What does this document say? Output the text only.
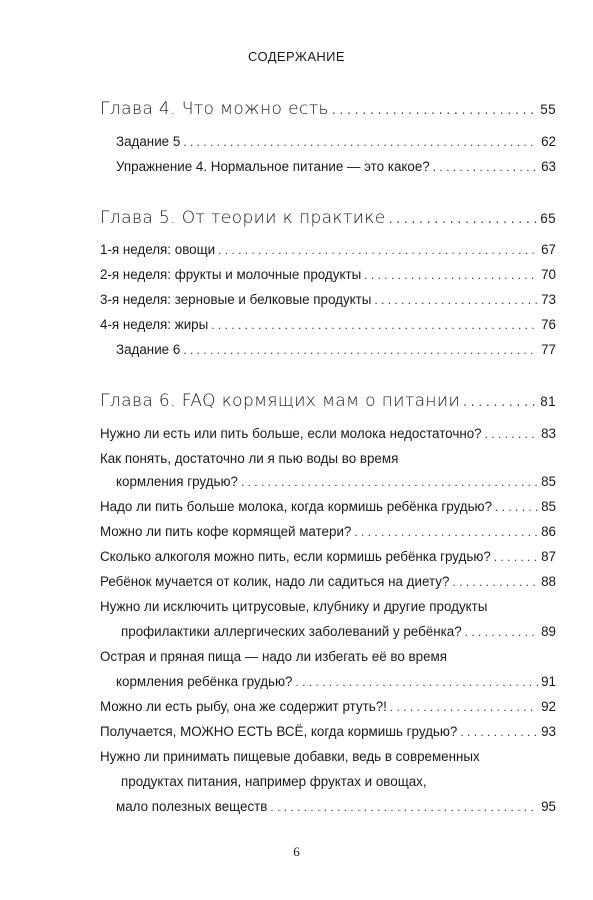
СОДЕРЖАНИЕ
Глава 4. Что можно есть . . .	55
Задание 5 . . .	62
Упражнение 4. Нормальное питание — это какое? . . .	63
Глава 5. От теории к практике . . .	65
1-я неделя: овощи . . .	67
2-я неделя: фрукты и молочные продукты . . .	70
3-я неделя: зерновые и белковые продукты . . .	73
4-я неделя: жиры . . .	76
Задание 6 . . .	77
Глава 6. FAQ кормящих мам о питании . . .	81
Нужно ли есть или пить больше, если молока недостаточно? . . .	83
Как понять, достаточно ли я пью воды во время
кормления грудью? . . .	85
Надо ли пить больше молока, когда кормишь ребёнка грудью? . . .	85
Можно ли пить кофе кормящей матери? . . .	86
Сколько алкоголя можно пить, если кормишь ребёнка грудью? . . .	87
Ребёнок мучается от колик, надо ли садиться на диету? . . .	88
Нужно ли исключить цитрусовые, клубнику и другие продукты
профилактики аллергических заболеваний у ребёнка? . . .	89
Острая и пряная пища — надо ли избегать её во время
кормления ребёнка грудью? . . .	91
Можно ли есть рыбу, она же содержит ртуть?! . . .	92
Получается, МОЖНО ЕСТЬ ВСЁ, когда кормишь грудью? . . .	93
Нужно ли принимать пищевые добавки, ведь в современных
продуктах питания, например фруктах и овощах,
мало полезных веществ . . .	95
6
